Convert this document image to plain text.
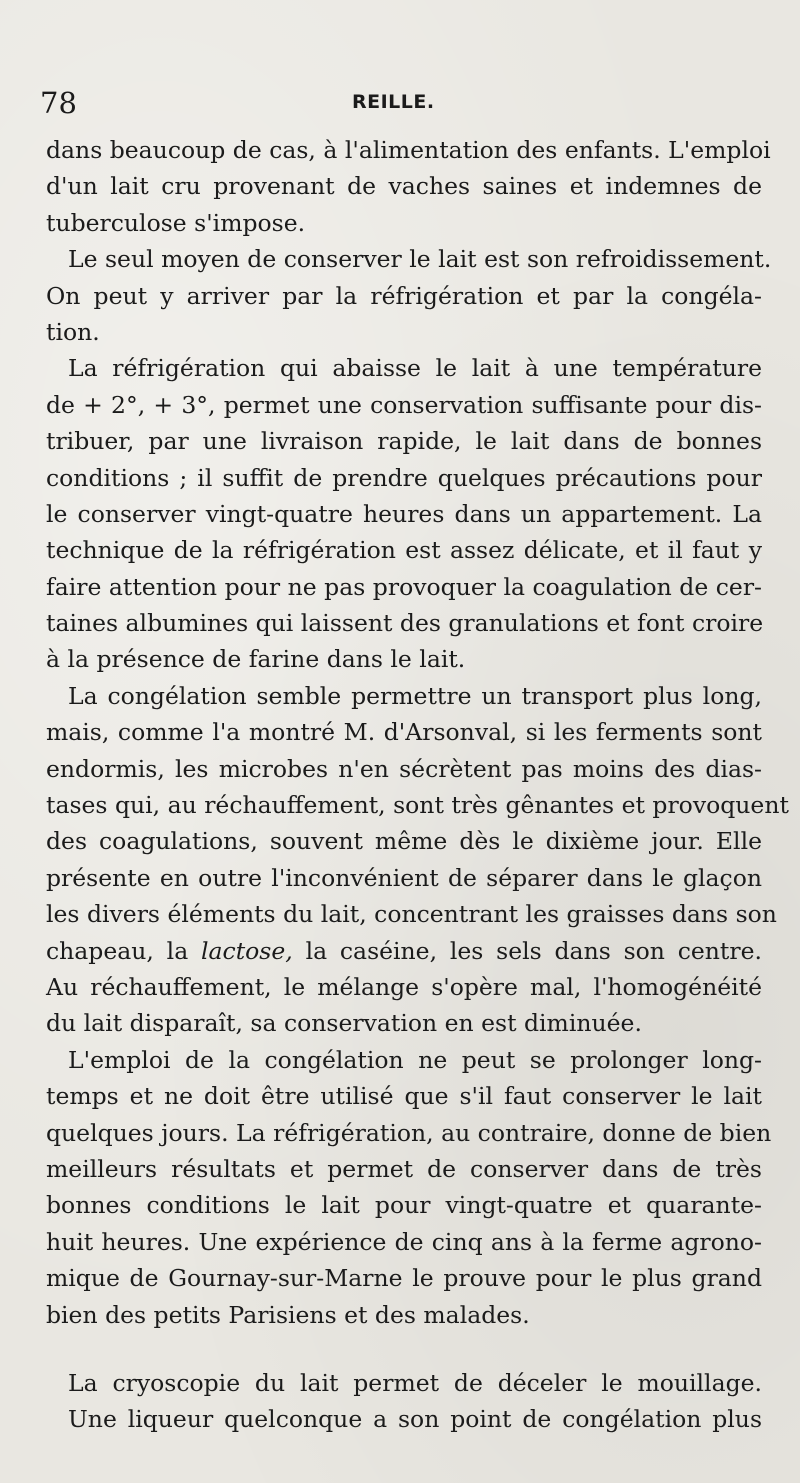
78	REILLE.
dans beaucoup de cas, à l'alimentation des enfants. L'emploi
d'un lait cru provenant de vaches saines et indemnes de
tuberculose s'impose.
Le seul moyen de conserver le lait est son refroidissement.
On peut y arriver par la réfrigération et par la congéla-
tion.
La réfrigération qui abaisse le lait à une température
de + 2°, + 3°, permet une conservation suffisante pour dis-
tribuer, par une livraison rapide, le lait dans de bonnes
conditions ; il suffit de prendre quelques précautions pour
le conserver vingt-quatre heures dans un appartement. La
technique de la réfrigération est assez délicate, et il faut y
faire attention pour ne pas provoquer la coagulation de cer-
taines albumines qui laissent des granulations et font croire
à la présence de farine dans le lait.
La congélation semble permettre un transport plus long,
mais, comme l'a montré M. d'Arsonval, si les ferments sont
endormis, les microbes n'en sécrètent pas moins des dias-
tases qui, au réchauffement, sont très gênantes et provoquent
des coagulations, souvent même dès le dixième jour. Elle
présente en outre l'inconvénient de séparer dans le glaçon
les divers éléments du lait, concentrant les graisses dans son
chapeau, la lactose, la caséine, les sels dans son centre.
Au réchauffement, le mélange s'opère mal, l'homogénéité
du lait disparaît, sa conservation en est diminuée.
L'emploi de la congélation ne peut se prolonger long-
temps et ne doit être utilisé que s'il faut conserver le lait
quelques jours. La réfrigération, au contraire, donne de bien
meilleurs résultats et permet de conserver dans de très
bonnes conditions le lait pour vingt-quatre et quarante-
huit heures. Une expérience de cinq ans à la ferme agrono-
mique de Gournay-sur-Marne le prouve pour le plus grand
bien des petits Parisiens et des malades.
La cryoscopie du lait permet de déceler le mouillage.
Une liqueur quelconque a son point de congélation plus
